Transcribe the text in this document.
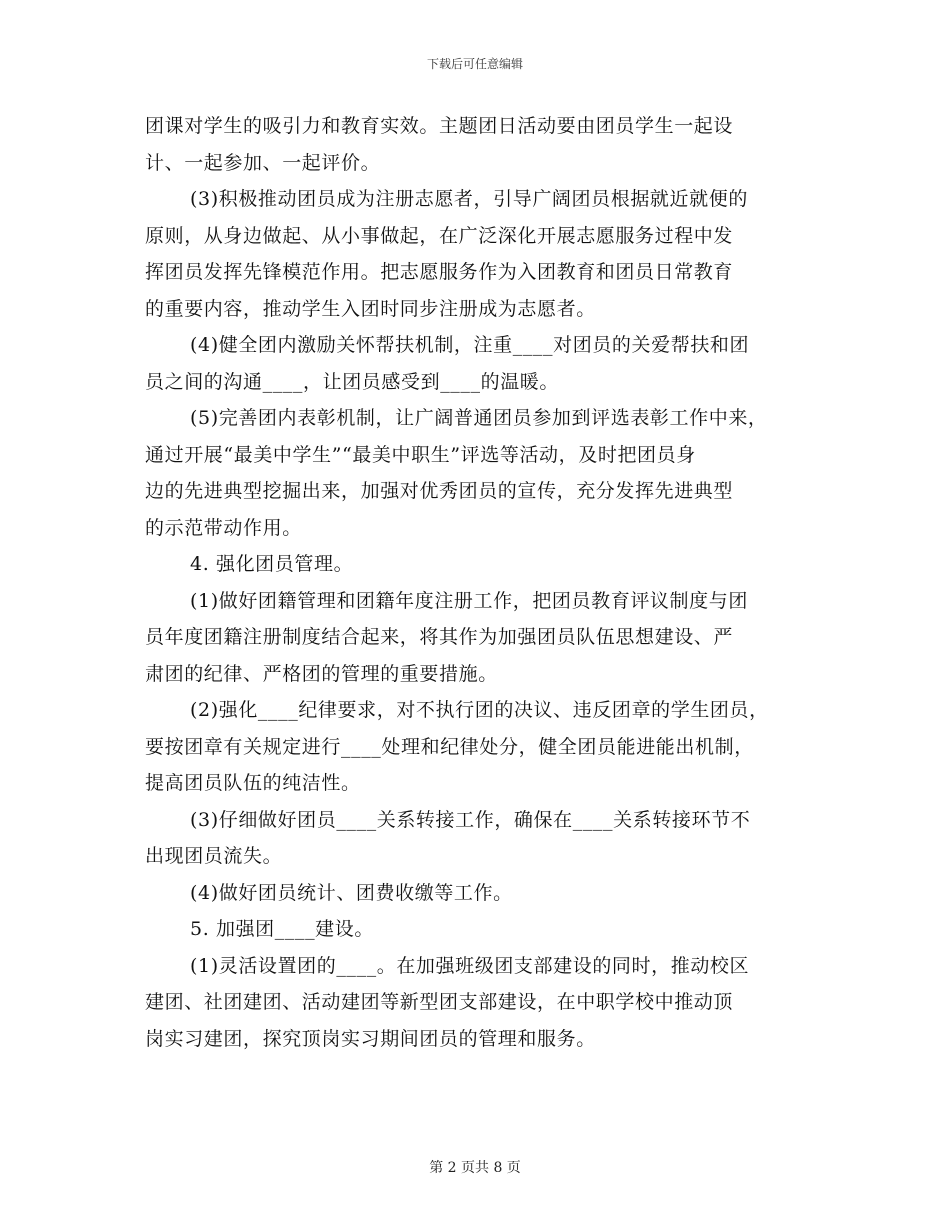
下载后可任意编辑
团课对学生的吸引力和教育实效。主题团日活动要由团员学生一起设
计、一起参加、一起评价。
(3)积极推动团员成为注册志愿者，引导广阔团员根据就近就便的
原则，从身边做起、从小事做起，在广泛深化开展志愿服务过程中发
挥团员发挥先锋模范作用。把志愿服务作为入团教育和团员日常教育
的重要内容，推动学生入团时同步注册成为志愿者。
(4)健全团内激励关怀帮扶机制，注重____对团员的关爱帮扶和团
员之间的沟通____，让团员感受到____的温暖。
(5)完善团内表彰机制，让广阔普通团员参加到评选表彰工作中来，
通过开展“最美中学生”“最美中职生”评选等活动，及时把团员身
边的先进典型挖掘出来，加强对优秀团员的宣传，充分发挥先进典型
的示范带动作用。
4. 强化团员管理。
(1)做好团籍管理和团籍年度注册工作，把团员教育评议制度与团
员年度团籍注册制度结合起来，将其作为加强团员队伍思想建设、严
肃团的纪律、严格团的管理的重要措施。
(2)强化____纪律要求，对不执行团的决议、违反团章的学生团员，
要按团章有关规定进行____处理和纪律处分，健全团员能进能出机制，
提高团员队伍的纯洁性。
(3)仔细做好团员____关系转接工作，确保在____关系转接环节不
出现团员流失。
(4)做好团员统计、团费收缴等工作。
5. 加强团____建设。
(1)灵活设置团的____。在加强班级团支部建设的同时，推动校区
建团、社团建团、活动建团等新型团支部建设，在中职学校中推动顶
岗实习建团，探究顶岗实习期间团员的管理和服务。
第 2 页共 8 页
